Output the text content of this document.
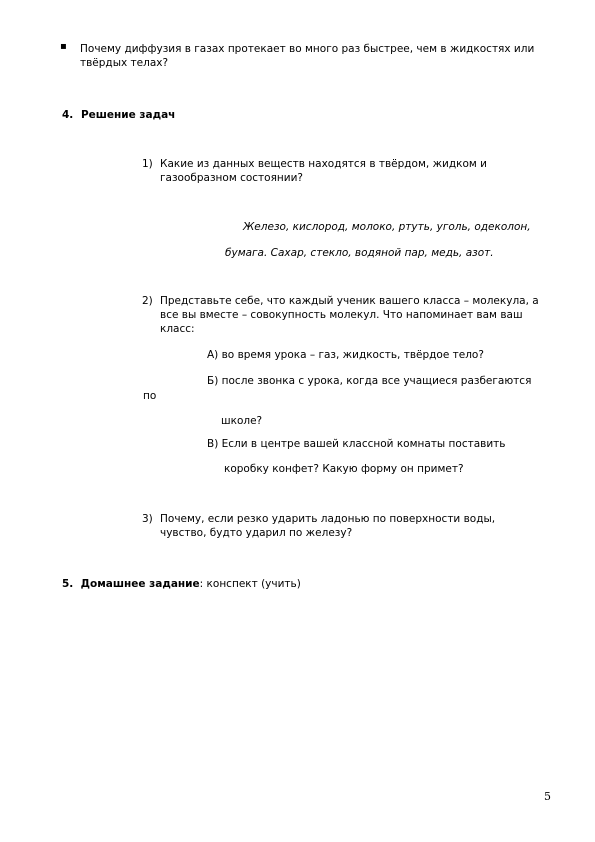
▪ Почему диффузия в газах протекает во много раз быстрее, чем в жидкостях или твёрдых телах?
4. Решение задач
1) Какие из данных веществ находятся в твёрдом, жидком и газообразном состоянии?
Железо, кислород, молоко, ртуть, уголь, одеколон,
бумага. Сахар, стекло, водяной пар, медь, азот.
2) Представьте себе, что каждый ученик вашего класса – молекула, а все вы вместе – совокупность молекул. Что напоминает вам ваш класс:
А) во время урока – газ, жидкость, твёрдое тело?
Б) после звонка с урока, когда все учащиеся разбегаются
по
школе?
В) Если в центре вашей классной комнаты поставить
коробку конфет? Какую форму он примет?
3) Почему, если резко ударить ладонью по поверхности воды, чувство, будто ударил по железу?
5. Домашнее задание: конспект (учить)
5
